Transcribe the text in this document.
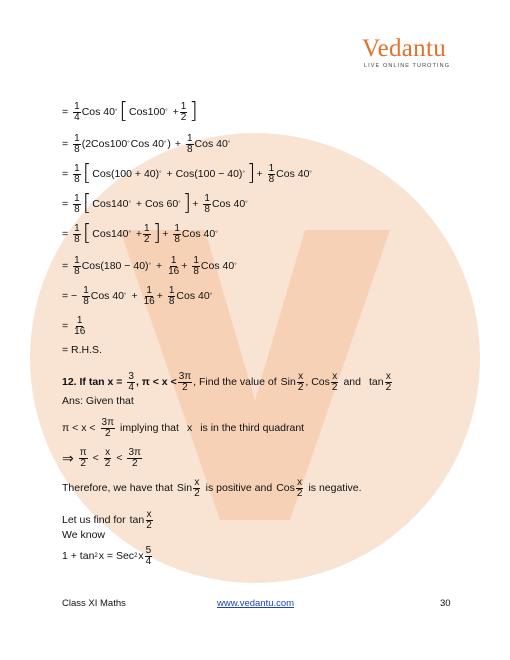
Vedantu
LIVE ONLINE TUROTING
= $\frac{1}{4}$ Cos 40 ° [ Cos100 ° + $\frac{1}{2}$ ]
= $\frac{1}{8} (2Cos100$ ° Cos 40 ° ) + $\frac{1}{8}$ Cos 40 °
= $\frac{1}{8}$ [ Cos(100 + 40) ° + Cos(100 − 40) ° ] + $\frac{1}{8}$ Cos 40 °
= $\frac{1}{8}$ [ Cos140 ° + Cos 60 ° ] + $\frac{1}{8}$ Cos 40 °
= $\frac{1}{8}$ [ Cos140 ° + $\frac{1}{2}$ ] + $\frac{1}{8}$ Cos 40 °
= $\frac{1}{8} Cos(180 - 40)$ ° + $\frac{1}{16} + \frac{1}{8}$ Cos 40 °
= − $\frac{1}{8}$ Cos 40 ° + $\frac{1}{16} + \frac{1}{8}$ Cos 40 °
= $\frac{1}{16}$
= R.H.S.
12. If $\tan x = \frac{3}{4}$ , $\pi < x < \frac{3\pi}{2}$ , Find the value of Sin $\frac{x}{2}$ , Cos $\frac{x}{2}$ and $\tan \frac{x}{2}$
Ans: Given that
$\pi < x < \frac{3\pi}{2}$ implying that x is in the third quadrant
⇒ $\frac{\pi}{2} < \frac{x}{2} < \frac{3\pi}{2}$
Therefore, we have that Sin $\frac{x}{2}$ is positive and Cos $\frac{x}{2}$ is negative.
Let us find for $\tan \frac{x}{2}$
We know
1 + tan 2 x = Sec 2 x $\frac{5}{4}$
Class XI Maths	www.vedantu.com	30
